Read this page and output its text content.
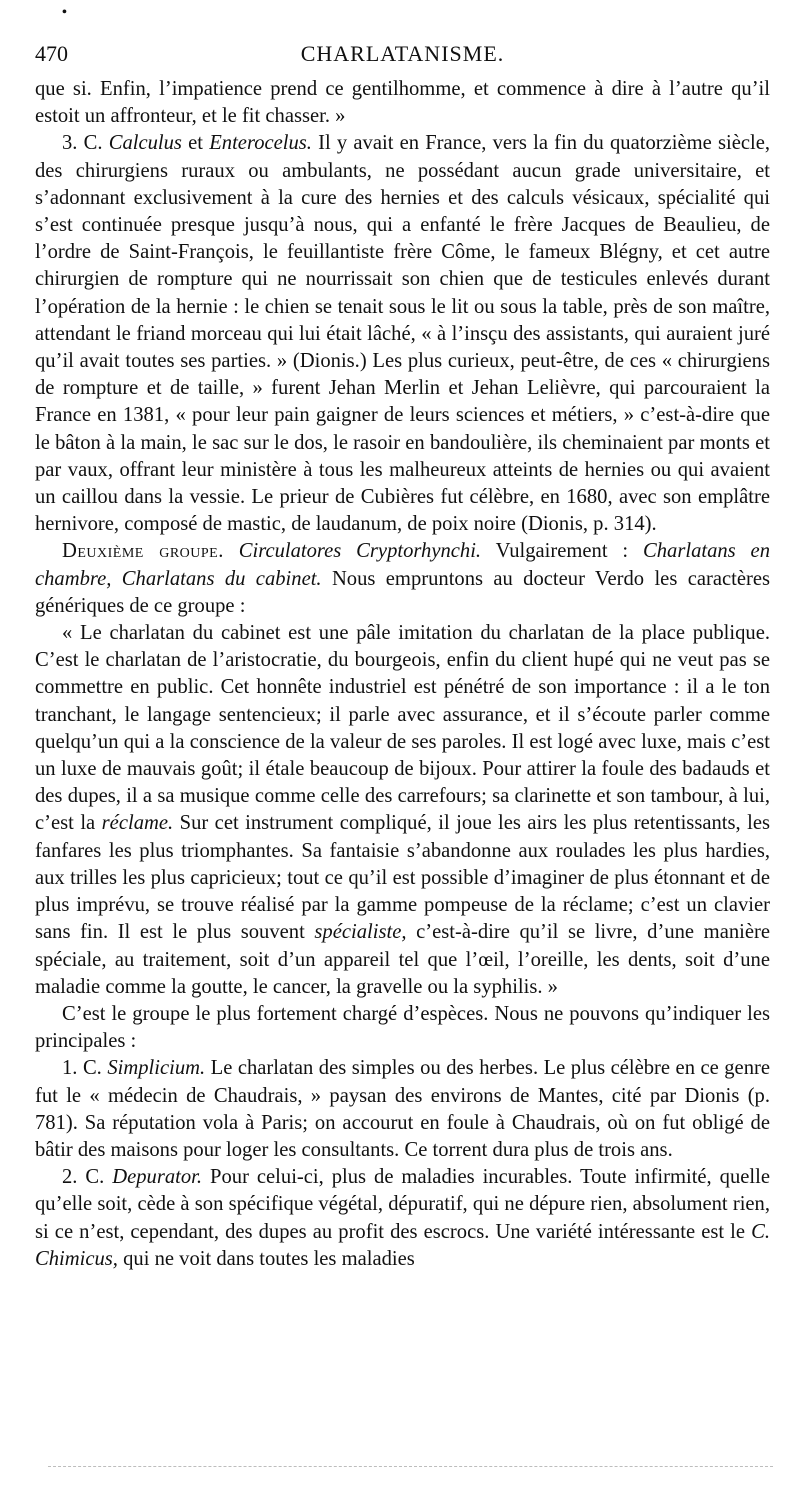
•
470	CHARLATANISME.

que si. Enfin, l’impatience prend ce gentilhomme, et commence à dire à l’autre qu’il estoit un affronteur, et le fit chasser. »

3. C. Calculus et Enterocelus. Il y avait en France, vers la fin du quatorzième siècle, des chirurgiens ruraux ou ambulants, ne possédant aucun grade universitaire, et s’adonnant exclusivement à la cure des hernies et des calculs vésicaux, spécialité qui s’est continuée presque jusqu’à nous, qui a enfanté le frère Jacques de Beaulieu, de l’ordre de Saint-François, le feuillantiste frère Côme, le fameux Blégny, et cet autre chirurgien de rompture qui ne nourrissait son chien que de testicules enlevés durant l’opération de la hernie : le chien se tenait sous le lit ou sous la table, près de son maître, attendant le friand morceau qui lui était lâché, « à l’insçu des assistants, qui auraient juré qu’il avait toutes ses parties. » (Dionis.) Les plus curieux, peut-être, de ces « chirurgiens de rompture et de taille, » furent Jehan Merlin et Jehan Lelièvre, qui parcouraient la France en 1381, « pour leur pain gaigner de leurs sciences et métiers, » c’est-à-dire que le bâton à la main, le sac sur le dos, le rasoir en bandoulière, ils cheminaient par monts et par vaux, offrant leur ministère à tous les malheureux atteints de hernies ou qui avaient un caillou dans la vessie. Le prieur de Cubières fut célèbre, en 1680, avec son emplâtre hernivore, composé de mastic, de laudanum, de poix noire (Dionis, p. 314).

Deuxième groupe. Circulatores Cryptorhynchi. Vulgairement : Charlatans en chambre, Charlatans du cabinet. Nous empruntons au docteur Verdo les caractères génériques de ce groupe :

« Le charlatan du cabinet est une pâle imitation du charlatan de la place publique. C’est le charlatan de l’aristocratie, du bourgeois, enfin du client hupé qui ne veut pas se commettre en public. Cet honnête industriel est pénétré de son importance : il a le ton tranchant, le langage sentencieux; il parle avec assurance, et il s’écoute parler comme quelqu’un qui a la conscience de la valeur de ses paroles. Il est logé avec luxe, mais c’est un luxe de mauvais goût; il étale beaucoup de bijoux. Pour attirer la foule des badauds et des dupes, il a sa musique comme celle des carrefours; sa clarinette et son tambour, à lui, c’est la réclame. Sur cet instrument compliqué, il joue les airs les plus retentissants, les fanfares les plus triomphantes. Sa fantaisie s’abandonne aux roulades les plus hardies, aux trilles les plus capricieux; tout ce qu’il est possible d’imaginer de plus étonnant et de plus imprévu, se trouve réalisé par la gamme pompeuse de la réclame; c’est un clavier sans fin. Il est le plus souvent spécialiste, c’est-à-dire qu’il se livre, d’une manière spéciale, au traitement, soit d’un appareil tel que l’œil, l’oreille, les dents, soit d’une maladie comme la goutte, le cancer, la gravelle ou la syphilis. »

C’est le groupe le plus fortement chargé d’espèces. Nous ne pouvons qu’indiquer les principales :

1. C. Simplicium. Le charlatan des simples ou des herbes. Le plus célèbre en ce genre fut le « médecin de Chaudrais, » paysan des environs de Mantes, cité par Dionis (p. 781). Sa réputation vola à Paris; on accourut en foule à Chaudrais, où on fut obligé de bâtir des maisons pour loger les consultants. Ce torrent dura plus de trois ans.

2. C. Depurator. Pour celui-ci, plus de maladies incurables. Toute infirmité, quelle qu’elle soit, cède à son spécifique végétal, dépuratif, qui ne dépure rien, absolument rien, si ce n’est, cependant, des dupes au profit des escrocs. Une variété intéressante est le C. Chimicus, qui ne voit dans toutes les maladies
